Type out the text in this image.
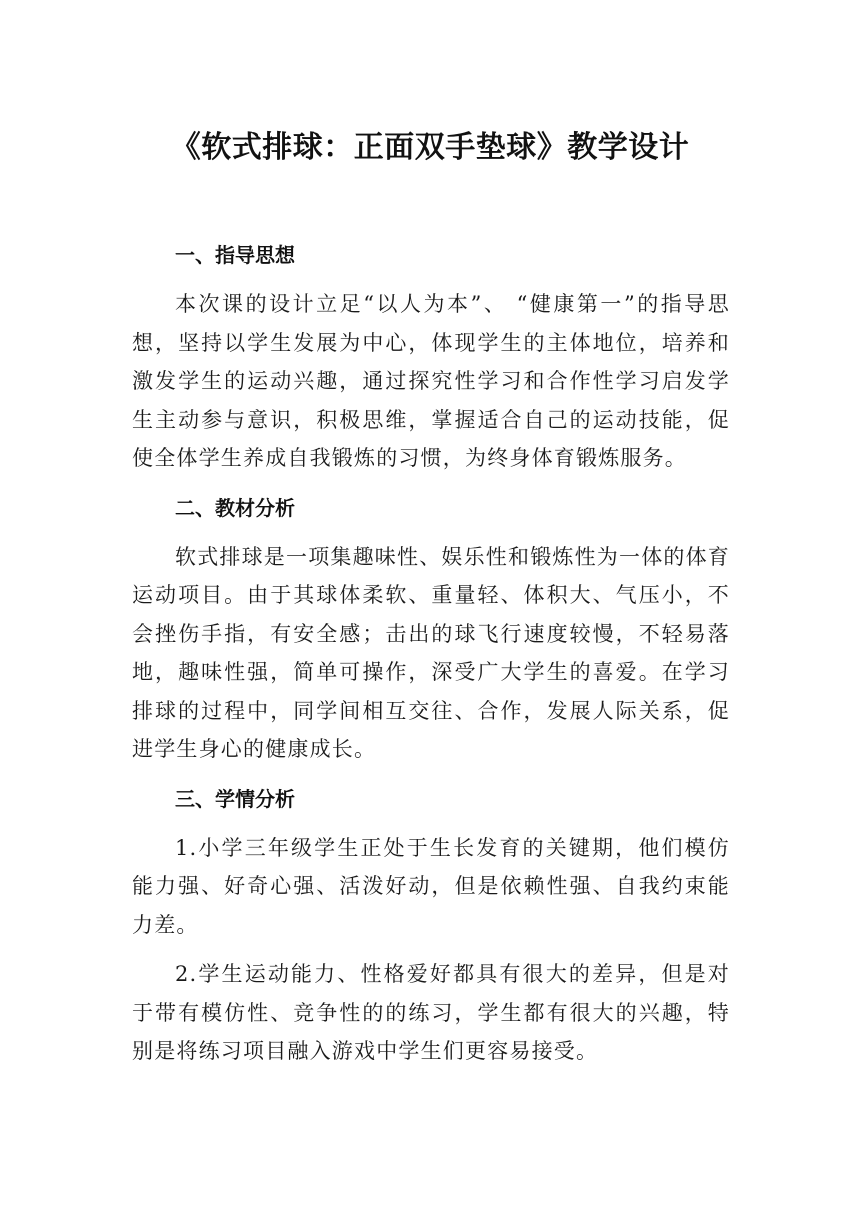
《软式排球：正面双手垫球》教学设计
一、指导思想

本次课的设计立足“以人为本”、 “健康第一”的指导思想，坚持以学生发展为中心，体现学生的主体地位，培养和激发学生的运动兴趣，通过探究性学习和合作性学习启发学生主动参与意识，积极思维，掌握适合自己的运动技能，促使全体学生养成自我锻炼的习惯，为终身体育锻炼服务。

二、教材分析

软式排球是一项集趣味性、娱乐性和锻炼性为一体的体育运动项目。由于其球体柔软、重量轻、体积大、气压小，不会挫伤手指，有安全感；击出的球飞行速度较慢，不轻易落地，趣味性强，简单可操作，深受广大学生的喜爱。在学习排球的过程中，同学间相互交往、合作，发展人际关系，促进学生身心的健康成长。

三、学情分析

1.小学三年级学生正处于生长发育的关键期，他们模仿能力强、好奇心强、活泼好动，但是依赖性强、自我约束能力差。

2.学生运动能力、性格爱好都具有很大的差异，但是对于带有模仿性、竞争性的的练习，学生都有很大的兴趣，特别是将练习项目融入游戏中学生们更容易接受。
